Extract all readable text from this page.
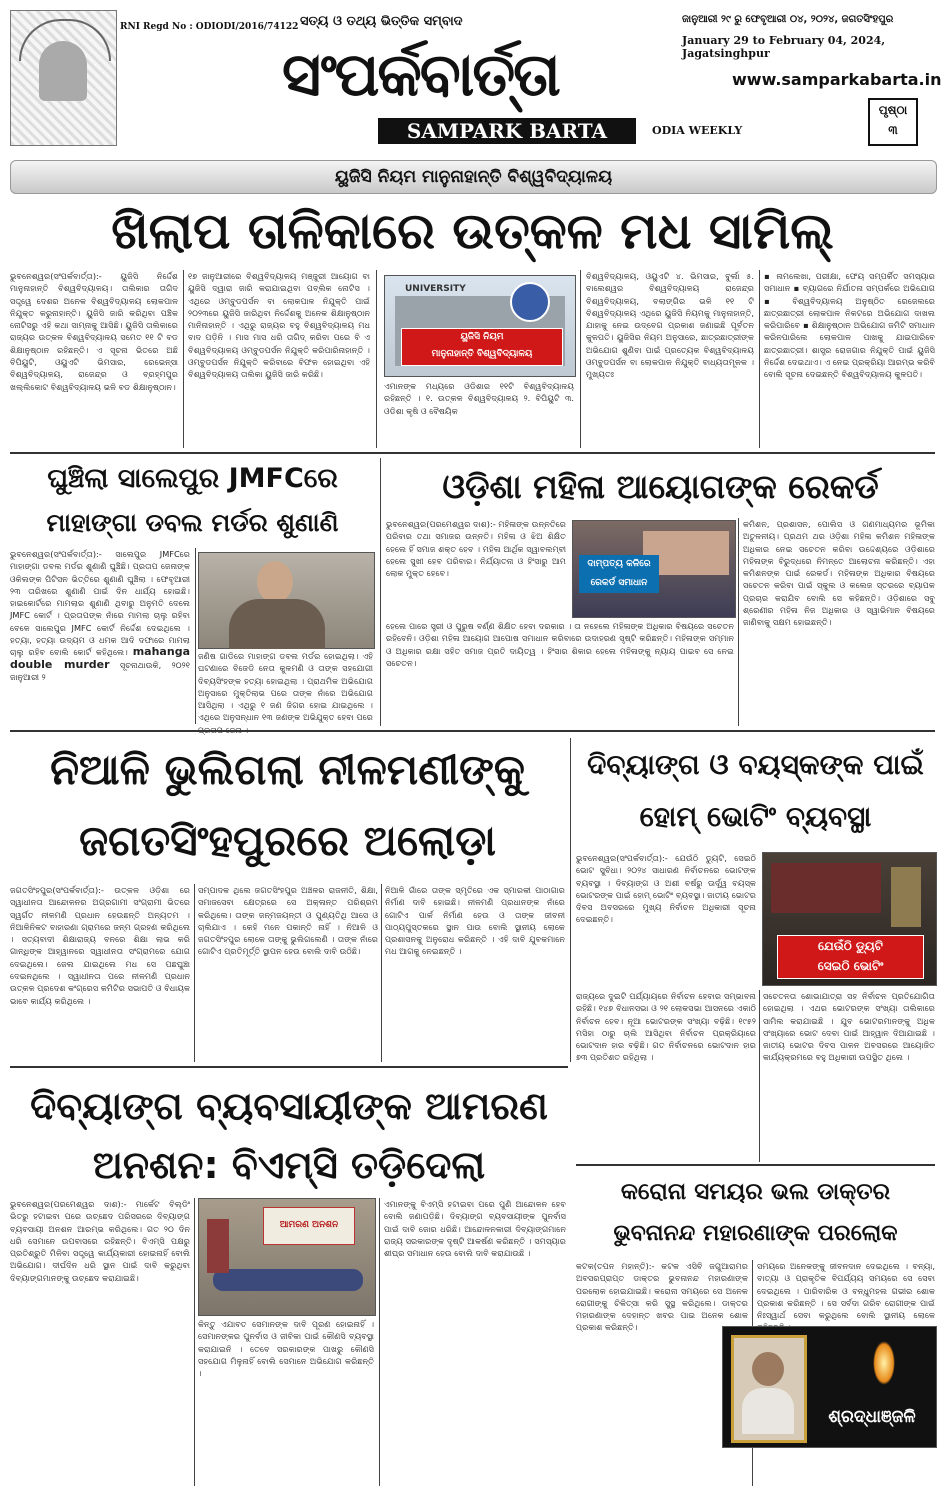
RNI Regd No : ODIODI/2016/74122 ସତ୍ୟ ଓ ତଥ୍ୟ ଭିତ୍ତିକ ସମ୍ବାଦ
ସଂପର୍କବାର୍ତ୍ତା
SAMPARK BARTA	ODIA WEEKLY
ଜାନୁଆରୀ ୨୯ ରୁ ଫେବୃଆରୀ ୦୪, ୨୦୨୪, ଜଗତସିଂହପୁର
January 29 to February 04, 2024, Jagatsinghpur
www.samparkabarta.in
ପୃଷ୍ଠା
୩
ୟୁଜିସି ନିୟମ ମାନୁନାହାନ୍ତି ବିଶ୍ୱବିଦ୍ୟାଳୟ
ଖିଲାପ ତାଳିକାରେ ଉତ୍କଳ ମଧ ସାମିଲ୍
ଭୁବନେଶ୍ୱର(ସଂପର୍କବାର୍ତ୍ତା):- ୟୁଜିସି ନିର୍ଦ୍ଦେଶ ମାନୁନାହାନ୍ତି ବିଶ୍ୱବିଦ୍ୟାଳୟ। ତାଲିକାର ତାଗିଦ ସତ୍ତ୍ୱେ ଦେଶର ଅନେକ ବିଶ୍ୱବିଦ୍ୟାଳୟ ଲୋକପାଳ ନିଯୁକ୍ତ କରୁନାହାନ୍ତି। ୟୁଜିସି ଜାରି କରିଥିବା ପଞ୍ଚିକ ନୋଟିସରୁ ଏହି କଥା ସାମ୍ନାକୁ ଆସିଛି। ୟୁଜିସି ତାଲିକାରେ ରାଜ୍ୟର ଉତ୍କଳ ବିଶ୍ୱବିଦ୍ୟାଳୟ ସମେତ ୧୧ ଟି ବଡ ଶିକ୍ଷାନୁଷ୍ଠାନ ରହିଛନ୍ତି। ଏ ସୂଚନା ଭିତରେ ଅଛି ବିପିୟୁଟି, ଓୟୁଏଟି ଭିମସାର, ରେଭେନ୍ସା ବିଶ୍ୱବିଦ୍ୟାଳୟ, ରାଜେନ୍ଦ୍ର ଓ ବ୍ରହ୍ମପୁର ଖଲ୍ଲିକୋଟ ବିଶ୍ୱବିଦ୍ୟାଳୟ ଭଳି ବଡ ଶିକ୍ଷାନୁଷ୍ଠାନ।
୧୭ ଜାନୁଆରୀରେ ବିଶ୍ୱବିଦ୍ୟାଳୟ ମଞ୍ଜୁରୀ ଆୟୋଗ ବା ୟୁଜିସି ଦ୍ୱାରା ଜାରି କରାଯାଇଥିବା ପବ୍ଲିକ ନୋଟିସ । ଏଥିରେ ଓମ୍ବୁଡପର୍ସନ ବା ଲୋକପାଳ ନିଯୁକ୍ତି ପାଇଁ ୨୦୨୩ରେ ୟୁଜିସି ଜାରିଥିବା ନିର୍ଦ୍ଦେଶକୁ ଅନେକ ଶିକ୍ଷାନୁଷ୍ଠାନ ମାନିନାହାନ୍ତି । ଏଥିରୁ ରାଜ୍ୟର ବହୁ ବିଶ୍ୱବିଦ୍ୟାଳୟ ମଧ ବାଦ ପଡ଼ିନି । ମାସ ମାସ ଧରି ତାଗିଦ୍ କରିବା ପରେ ବି ଏ ବିଶ୍ୱବିଦ୍ୟାଳୟ ଓମ୍ବୁଡପର୍ସନ ନିଯୁକ୍ତି କରିପାରିନାହାନ୍ତି । ଓମ୍ବୁଡପର୍ସନ ନିଯୁକ୍ତି କରିବାରେ ବିଫଳ ହୋଇଥିବା ଏହି ବିଶ୍ୱବିଦ୍ୟାଳୟ ତାଲିକା ୟୁଜିସି ଜାରି କରିଛି।
UNIVERSITY
ୟୁଜିସି ନିୟମ
ମାନୁନାହାନ୍ତି ବିଶ୍ୱବିଦ୍ୟାଳୟ
ଏମାନଙ୍କ ମଧ୍ୟରେ ଓଡିଶାର ୧୧ଟି ବିଶ୍ୱବିଦ୍ୟାଳୟ ରହିଛନ୍ତି । ୧. ଉତ୍କଳ ବିଶ୍ୱବିଦ୍ୟାଳୟ ୨. ବିପିୟୁଟି ୩. ଓଡିଶା କୃଷି ଓ ବୈଷୟିକ
ବିଶ୍ୱବିଦ୍ୟାଳୟ, ଓୟୁଏଟି ୪. ଭିମସାର, ବୁର୍ଲା ୫. ବାଲେଶ୍ୱର ବିଶ୍ୱବିଦ୍ୟାଳୟ ରାଜେନ୍ଦ୍ର ବିଶ୍ୱବିଦ୍ୟାଳୟ, ବଲାଙ୍ଗିର ଭଳି ୧୧ ଟି ବିଶ୍ୱବିଦ୍ୟାଳୟ ଏଥିରେ ୟୁଜିସି ନିୟମକୁ ମାନୁନାହାନ୍ତି, ଯାହାକୁ ନେଇ ଉଦ୍ବେଗ ପ୍ରକାଶ ଜଣାଇଛି ପୂର୍ବତନ କୁଳପତି। ୟୁଜିସିର ନିୟମ ଅନୁସାରେ, ଛାତ୍ରଛାତ୍ରୀଙ୍କ ଅଭିଯୋଗ ଶୁଣିବା ପାଇଁ ପ୍ରତ୍ୟେକ ବିଶ୍ୱବିଦ୍ୟାଳୟ ଓମ୍ବୁଡପର୍ସନ ବା ଲୋକପାଳ ନିଯୁକ୍ତି ବାଧ୍ୟତାମୂଳକ । ମୁଖ୍ୟତଃ
▪ ନାମଲେଖା, ପରୀକ୍ଷା, ଫେୟ ସମ୍ପର୍କିତ ସମସ୍ୟାର ସମାଧାନ ▪ ବ୍ୟାଗରେ ନିର୍ଯାତନା ସମ୍ପର୍କରେ ଅଭିଯୋଗ ▪ ବିଶ୍ୱବିଦ୍ୟାଳୟ ଅନୁଷ୍ଠିତ ରେଜେଲରେ ଛାତ୍ରଛାତ୍ରୀ ଲୋକପାଳ ନିକଟରେ ଅଭିଯୋଗ ଦାଖଲ କରିପାରିବେ ▪ ଶିକ୍ଷାନୁଷ୍ଠାନ ଅଭିଯୋଗ ଜମିଟି ସମାଧାନ କରିନପାରିଲେ ଲୋକପାଳ ପାଖକୁ ଯାଇପାରିବେ ଛାତ୍ରଛାତ୍ରୀ। ଶାସ୍ତ୍ର ରୋଜଗାର ନିଯୁକ୍ତି ପାଇଁ ୟୁଜିସି ନିର୍ଦ୍ଦେଶ ଦେଇଥାଏ। ଏ ନେଇ ପ୍ରକ୍ରିୟା ଆରମ୍ଭ କରିବି ବୋଲି ସୂଚନା ଦେଇଛନ୍ତି ବିଶ୍ୱବିଦ୍ୟାଳୟ କୁଳପତି।
ଘୁଞ୍ଚିଲା ସାଲେପୁର JMFCରେ
ମାହାଙ୍ଗା ଡବଲ ମର୍ଡର ଶୁଣାଣି
ଭୁବନେଶ୍ୱର(ସଂପର୍କବାର୍ତ୍ତା):- ସାଲେପୁର JMFCରେ ମାହାଙ୍ଗା ଡବଲ ମର୍ଡର ଶୁଣାଣି ଘୁଞ୍ଚିଛି। ପ୍ରତାପ ଜେନାଙ୍କ ଓକିଲଙ୍କ ପିଟିସନ ଭିତ୍ତିରେ ଶୁଣାଣି ଘୁଞ୍ଚିଲା । ଫେବୃଆରୀ ୨୩ ତାରିଖରେ ଶୁଣାଣି ପାଇଁ ଦିନ ଧାର୍ଯ୍ୟ ହୋଇଛି। ହାଇକୋର୍ଟରେ ମାମଲାର ଶୁଣାଣି ଥିବାରୁ ଅନୁମତି ଦେଲେ JMFC କୋର୍ଟ । ପ୍ରତାପଙ୍କ ନାଁରେ ମାମଲା ଚାଲୁ ରହିବା ବେଳେ ସାଲେପୁର JMFC କୋର୍ଟ ନିର୍ଦ୍ଦେଶ ଦେଇଥିଲେ । ହତ୍ୟା, ହତ୍ୟା ଉଦ୍ୟମ ଓ ଧମକ ଆଦି ଦଫାରେ ମାମଲା ଚାଲୁ ରହିବ ବୋଲି କୋର୍ଟ କହିଥିଲେ। mahanga double murder ସୂଚନାଥାଉକି, ୨୦୨୧ ଜାନୁଆରୀ ୨
ଜଣିଷ ଗାଡିରେ ମାହାଙ୍ଗ ଡବଲ ମର୍ଡର ହୋଇଥିଲା। ଏହି ଘଟଣାରେ ବିଜେଡି ନେତା କୁଳମଣି ଓ ତାଙ୍କ ସହଯୋଗୀ ଦିବ୍ୟସିଂହଙ୍କ ହତ୍ୟା ହୋଇଥିଲା । ପ୍ରାଥମିକ ଅଭିଯୋଗ ଅନୁସାରେ ମୁକ୍ତିଲାଭ ପରେ ତାଙ୍କ ନାଁରେ ଅଭିଯୋଗ ଆସିଥିଲା । ଏଥିରୁ ୧ ଜଣ ଜିଗର ହୋଇ ଯାଇଥିଲେ । ଏଥିରେ ଅନୁସନ୍ଧାନ ୧୩ ଜଣଙ୍କ ଅଭିଯୁକ୍ତ ହେବା ପରେ
ଓଡ଼ିଶା ମହିଳା ଆୟୋଗଙ୍କ ରେକର୍ଡ
ଭୁବନେଶ୍ୱର(ପରମେଶ୍ୱର ଦାଶ):- ମହିଳାଙ୍କ ଉନ୍ନତିରେ ପରିବାର ତଥା ସମାଜର ଉନ୍ନତି। ମହିଳା ଓ ଝିଅ ଶିକ୍ଷିତ ହେଲେ ହିଁ ସମାଜ ଶକ୍ତ ହେବ । ମହିଳା ଆର୍ଥିକ ସ୍ୱାବଲମ୍ବୀ ହେଲେ ସୁଖୀ ହେବ ପରିବାର। ନିର୍ଯ୍ୟାତନା ଓ ହିଂସାରୁ ଆମ ଲୋକ ମୁକ୍ତ ହେବେ।
ଦାମ୍ପତ୍ୟ କଳିରେ ରେକର୍ଡ ସମାଧାନ
ହେଲେ ପାରେ ସ୍ତ୍ରୀ ଓ ପୁରୁଷ ବର୍ଣ୍ଣ ଶିକ୍ଷିତ ହେବା ଦରକାର । ତା ନହେଲେ ମହିଳାଙ୍କ ଅଧିକାର ବିଷୟରେ ସଚେତନ ରହିବେନି। ଓଡ଼ିଶା ମହିଳା ଆୟୋଗ ଆପୋଷ ସମାଧାନ କରିବାରେ ଉଦାହରଣ ସୃଷ୍ଟି କରିଛନ୍ତି। ମହିଳାଙ୍କ ସମ୍ମାନ ଓ ଅଧିକାର ରକ୍ଷା ସହିତ ସମାଜ ପ୍ରତି ଦାୟିତ୍ୱ । ହିଂସାର ଶିକାର ହେଲେ ମହିଳାଙ୍କୁ ନ୍ୟାୟ ପାଇବ ସେ ନେଇ ସଚେତନ।
କମିଶନ, ପ୍ରଶାସନ, ପୋଲିସ ଓ ଗଣମାଧ୍ୟମର ଭୂମିକା ଅତୁଳନୀୟ। ପ୍ରଥମ ଥର ଓଡ଼ିଶା ମହିଳା କମିଶନ ମହିଳାଙ୍କ ଅଧିକାର ନେଇ ସଚେତନ କରିବା ଉଦ୍ଦେଶ୍ୟରେ ଓଡ଼ିଶାରେ ମହିଳାଙ୍କ ବିରୁଦ୍ଧରେ ନିମନ୍ତେ ଆଲୋଚନା କରିଛନ୍ତି। ଏହା କମିଶନଙ୍କ ପାଇଁ ରେକର୍ଡ। ମହିଳାଙ୍କ ଅଧିକାର ବିଷୟରେ ସଚେତନ କରିବା ପାଇଁ ସ୍କୁଲ ଓ କଲେଜ ସ୍ତରରେ ବ୍ୟାପକ ପ୍ରଚାର କରାଯିବ ବୋଲି ସେ କହିଛନ୍ତି। ଓଡ଼ିଶାରେ ସବୁ ଶ୍ରେଣୀର ମହିଳା ନିଜ ଅଧିକାର ଓ ସ୍ୱାଭିମାନ ବିଷୟରେ ଜାଣିବାକୁ ସକ୍ଷମ ହୋଇଛନ୍ତି।
ନିଆଳି ଭୁଲିଗଲା ନୀଳମଣୀଙ୍କୁ
ଜଗତସିଂହପୁରରେ ଅଲୋଡ଼ା
ଜଗତସିଂହପୁର(ସଂପର୍କବାର୍ତ୍ତା):- ଉତ୍କଳ ଓଡ଼ିଶା ରେ ସ୍ୱାଧୀନତା ଆନ୍ଦୋଳନର ଅଗ୍ରଗାମୀ ସଂଗ୍ରାମୀ ଭିତରେ ସ୍ୱର୍ଗତ ନୀଳମଣି ପ୍ରଧାନ ହେଉଛନ୍ତି ଅନ୍ୟତମ । ନିଆଳିନିକଟ ବାହାରଣା ଗ୍ରାମରେ ଜନ୍ମ ଗ୍ରହଣ କରିଥିଲେ । ସତ୍ୟବାଦୀ ଶିକ୍ଷାରାଜ୍ୟ ବନରେ ଶିକ୍ଷା ଲାଭ କରି ଗାନ୍ଧିଙ୍କ ଆହ୍ୱାନରେ ସ୍ୱାଧୀନତା ସଂଗ୍ରାମରେ ଯୋଗ ଦେଇଥିଲେ। ଜେଲ ଯାଇଥିଲେ ମଧ ସେ ପଛଘୁଞ୍ଚା ଦେଇନଥିଲେ । ସ୍ୱାଧୀନତା ପରେ ନୀଳମଣି ପ୍ରଧାନ ଉତ୍କଳ ପ୍ରଦେଶ କଂଗ୍ରେସ କମିଟିର ସଭାପତି ଓ ବିଧାୟକ ଭାବେ କାର୍ଯ୍ୟ କରିଥିଲେ ।
ସମ୍ପାଦକ ଥିଲେ ଜଗତସିଂହପୁର ଅଞ୍ଚଳର ରାଜନୀତି, ଶିକ୍ଷା, ସମାଜସେବା କ୍ଷେତ୍ରରେ ସେ ଅକ୍ଳାନ୍ତ ପରିଶ୍ରମ କରିଥିଲେ। ତାଙ୍କ ଜନ୍ମଜୟନ୍ତୀ ଓ ପୁଣ୍ୟତିଥି ଆସେ ଓ ଚାଲିଯାଏ । କେହି ମନେ ପକାନ୍ତି ନାହିଁ । ନିଆଳି ଓ ଜଗତସିଂହପୁର ଲୋକେ ତାଙ୍କୁ ଭୁଲିଗଲେଣି । ତାଙ୍କ ନାଁରେ ଗୋଟିଏ ପ୍ରତିମୂର୍ତ୍ତି ସ୍ଥାପନ ହେଉ ବୋଲି ଦାବି ଉଠିଛି।
ନିଆଳି ଗାଁରେ ତାଙ୍କ ସ୍ମୃତିରେ ଏକ ସ୍ମାରକୀ ପାଠାଗାର ନିର୍ମାଣ ଦାବି ହୋଇଛି। ନୀଳମଣି ପ୍ରଧାନଙ୍କ ନାଁରେ ଗୋଟିଏ ପାର୍କ ନିର୍ମାଣ ହେଉ ଓ ତାଙ୍କ ଜୀବନୀ ପାଠ୍ୟପୁସ୍ତକରେ ସ୍ଥାନ ପାଉ ବୋଲି ସ୍ଥାନୀୟ ଲୋକେ ପ୍ରଶାସନକୁ ଅନୁରୋଧ କରିଛନ୍ତି । ଏହି ଦାବି ଯୁବକମାନେ ମଧ ଆଗକୁ ନେଇଛନ୍ତି ।
ଦିବ୍ୟାଙ୍ଗ ଓ ବୟସ୍କଙ୍କ ପାଇଁ
ହୋମ୍ ଭୋଟିଂ ବ୍ୟବସ୍ଥା
ଭୁବନେଶ୍ୱର(ସଂପର୍କବାର୍ତ୍ତା):- ଯେଉଁଠି ଡ୍ୟୁଟି, ସେଇଠି ଭୋଟ ସୁବିଧା। ୨୦୨୪ ସାଧାରଣ ନିର୍ବାଚନରେ ଭୋଟଙ୍କ ବ୍ୟବସ୍ଥା । ଦିବ୍ୟାଙ୍ଗ ଓ ଅଶୀ ବର୍ଷରୁ ଊର୍ଦ୍ଧ୍ୱ ବୟସ୍କ ଭୋଟରଙ୍କ ପାଇଁ ହୋମ୍ ଭୋଟିଂ ବ୍ୟବସ୍ଥା। ଜାତୀୟ ଭୋଟର ଦିବସ ଅବସରରେ ମୁଖ୍ୟ ନିର୍ବାଚନ ଅଧିକାରୀ ସୂଚନା ଦେଇଛନ୍ତି।
ଯେଉଁଠି ଡ୍ୟୁଟି
ସେଇଠି ଭୋଟିଂ
ରାଜ୍ୟରେ ଦୁଇଟି ପର୍ଯ୍ୟାୟରେ ନିର୍ବାଚନ ହେବାର ସମ୍ଭାବନା ରହିଛି। ୧୪୭ ବିଧାନସଭା ଓ ୨୧ ଲୋକସଭା ଆସନରେ ଏକାଠି ନିର୍ବାଚନ ହେବ। ନୂଆ ଭୋଟରଙ୍କ ସଂଖ୍ୟା ବଢ଼ିଛି। ୧୯୫୨ ମସିହା ଠାରୁ ଚାଲି ଆସିଥିବା ନିର୍ବାଚନ ପ୍ରକ୍ରିୟାରେ ଭୋଟଦାନ ହାର ବଢ଼ିଛି। ଗତ ନିର୍ବାଚନରେ ଭୋଟଦାନ ହାର ୭୩ ପ୍ରତିଶତ ରହିଥିଲା ।
ସଚେତନତା ଶୋଭାଯାତ୍ରା ସହ ନିର୍ବାଚନ ପ୍ରତିଯୋଗିତା ହୋଇଥିଲା । ଏଥର ଭୋଟରଙ୍କ ସଂଖ୍ୟା ତାଲିକାରେ ସାମିଲ କରାଯାଇଛି । ଯୁବ ଭୋଟରମାନଙ୍କୁ ଅଧିକ ସଂଖ୍ୟାରେ ଭୋଟ ଦେବା ପାଇଁ ଆହ୍ୱାନ ଦିଆଯାଇଛି । ଜାତୀୟ ଭୋଟର ଦିବସ ପାଳନ ଅବସରରେ ଆୟୋଜିତ କାର୍ଯ୍ୟକ୍ରମରେ ବହୁ ଅଧିକାରୀ ଉପସ୍ଥିତ ଥିଲେ ।
ଦିବ୍ୟାଙ୍ଗ ବ୍ୟବସାୟୀଙ୍କ ଆମରଣ
ଅନଶନ: ବିଏମ୍‌ସି ତଡ଼ିଦେଲା
ଭୁବନେଶ୍ୱର(ପରମେଶ୍ୱର ଦାଶ):- ମାର୍କେଟ ବିଲ୍ଡିଂ ଭିତରୁ ହଟାଇବା ପରେ ଉଚ୍ଛେଦ ପରିସରରେ ଦିବ୍ୟାଙ୍ଗ ବ୍ୟବସାୟୀ ଅନଶନ ଆରମ୍ଭ କରିଥିଲେ। ଗତ ୨୦ ଦିନ ଧରି ସେମାନେ ଉପବାସରେ ରହିଛନ୍ତି। ବିଏମ୍‌ସି ପକ୍ଷରୁ ପ୍ରତିଶ୍ରୁତି ମିଳିବା ସତ୍ତ୍ୱେ କାର୍ଯ୍ୟକାରୀ ହୋଇନାହିଁ ବୋଲି ଅଭିଯୋଗ। ଦୀର୍ଘଦିନ ଧରି ସ୍ଥାନ ପାଇଁ ଦାବି କରୁଥିବା ଦିବ୍ୟାଙ୍ଗମାନଙ୍କୁ ଉଚ୍ଛେଦ କରାଯାଇଛି।
ଆମରଣ ଅନଶନ
କିନ୍ତୁ ଏଯାବତ ସେମାନଙ୍କ ଦାବି ପୂରଣ ହୋଇନାହିଁ । ସେମାନଙ୍କର ପୁନର୍ବାସ ଓ ଜୀବିକା ପାଇଁ କୌଣସି ବ୍ୟବସ୍ଥା କରାଯାଇନି । ତେବେ ସରକାରଙ୍କ ପାଖରୁ କୌଣସି ସହଯୋଗ ମିଳୁନାହିଁ ବୋଲି ସେମାନେ ଅଭିଯୋଗ କରିଛନ୍ତି ।
ଏମାନଙ୍କୁ ବିଏମ୍‌ସି ହଟାଇବା ପରେ ପୁଣି ଆନ୍ଦୋଳନ ହେବ ବୋଲି ଜଣାପଡ଼ିଛି। ଦିବ୍ୟାଙ୍ଗ ବ୍ୟବସାୟୀଙ୍କ ପୁନର୍ବାସ ପାଇଁ ଦାବି ଜୋର ଧରିଛି। ଆନ୍ଦୋଳନକାରୀ ଦିବ୍ୟାଙ୍ଗମାନେ ରାଜ୍ୟ ସରକାରଙ୍କ ଦୃଷ୍ଟି ଆକର୍ଷଣ କରିଛନ୍ତି । ସମସ୍ୟାର ଶୀଘ୍ର ସମାଧାନ ହେଉ ବୋଲି ଦାବି କରାଯାଉଛି ।
କରୋନା ସମୟର ଭଲ ଡାକ୍ତର
ଭୁବନାନନ୍ଦ ମହାରଣାଙ୍କ ପରଲୋକ
କଟକ(ତପନ ମହାନ୍ତି):- କଟକ ଏସିବି ଜଗୁଆରାମର ଅବସରପ୍ରାପ୍ତ ଡାକ୍ତର ଭୁବନାନନ୍ଦ ମହାରଣାଙ୍କ ପରଲୋକ ହୋଇଯାଇଛି। କରୋନା ସମୟରେ ସେ ଅନେକ ରୋଗୀଙ୍କୁ ଚିକିତ୍ସା କରି ସୁସ୍ଥ କରିଥିଲେ। ଡାକ୍ତର ମହାରଣାଙ୍କ ଦେହାନ୍ତ ଖବର ପାଇ ଅନେକ ଶୋକ ପ୍ରକାଶ କରିଛନ୍ତି।
ସମୟରେ ଅନେକଙ୍କୁ ଜୀବନଦାନ ଦେଇଥିଲେ । ବନ୍ୟା, ବାତ୍ୟା ଓ ପ୍ରାକୃତିକ ବିପର୍ଯ୍ୟୟ ସମୟରେ ସେ ସେବା ଦେଇଥିଲେ । ପାରିବାରିକ ଓ ବନ୍ଧୁମହଲ ଗଭୀର ଶୋକ ପ୍ରକାଶ କରିଛନ୍ତି । ସେ ସର୍ବଦା ଗରିବ ରୋଗୀଙ୍କ ପାଇଁ ନିଃସ୍ୱାର୍ଥ ସେବା କରୁଥିଲେ ବୋଲି ସ୍ଥାନୀୟ ଲୋକେ
ଶ୍ରଦ୍ଧାଞ୍ଜଳି
